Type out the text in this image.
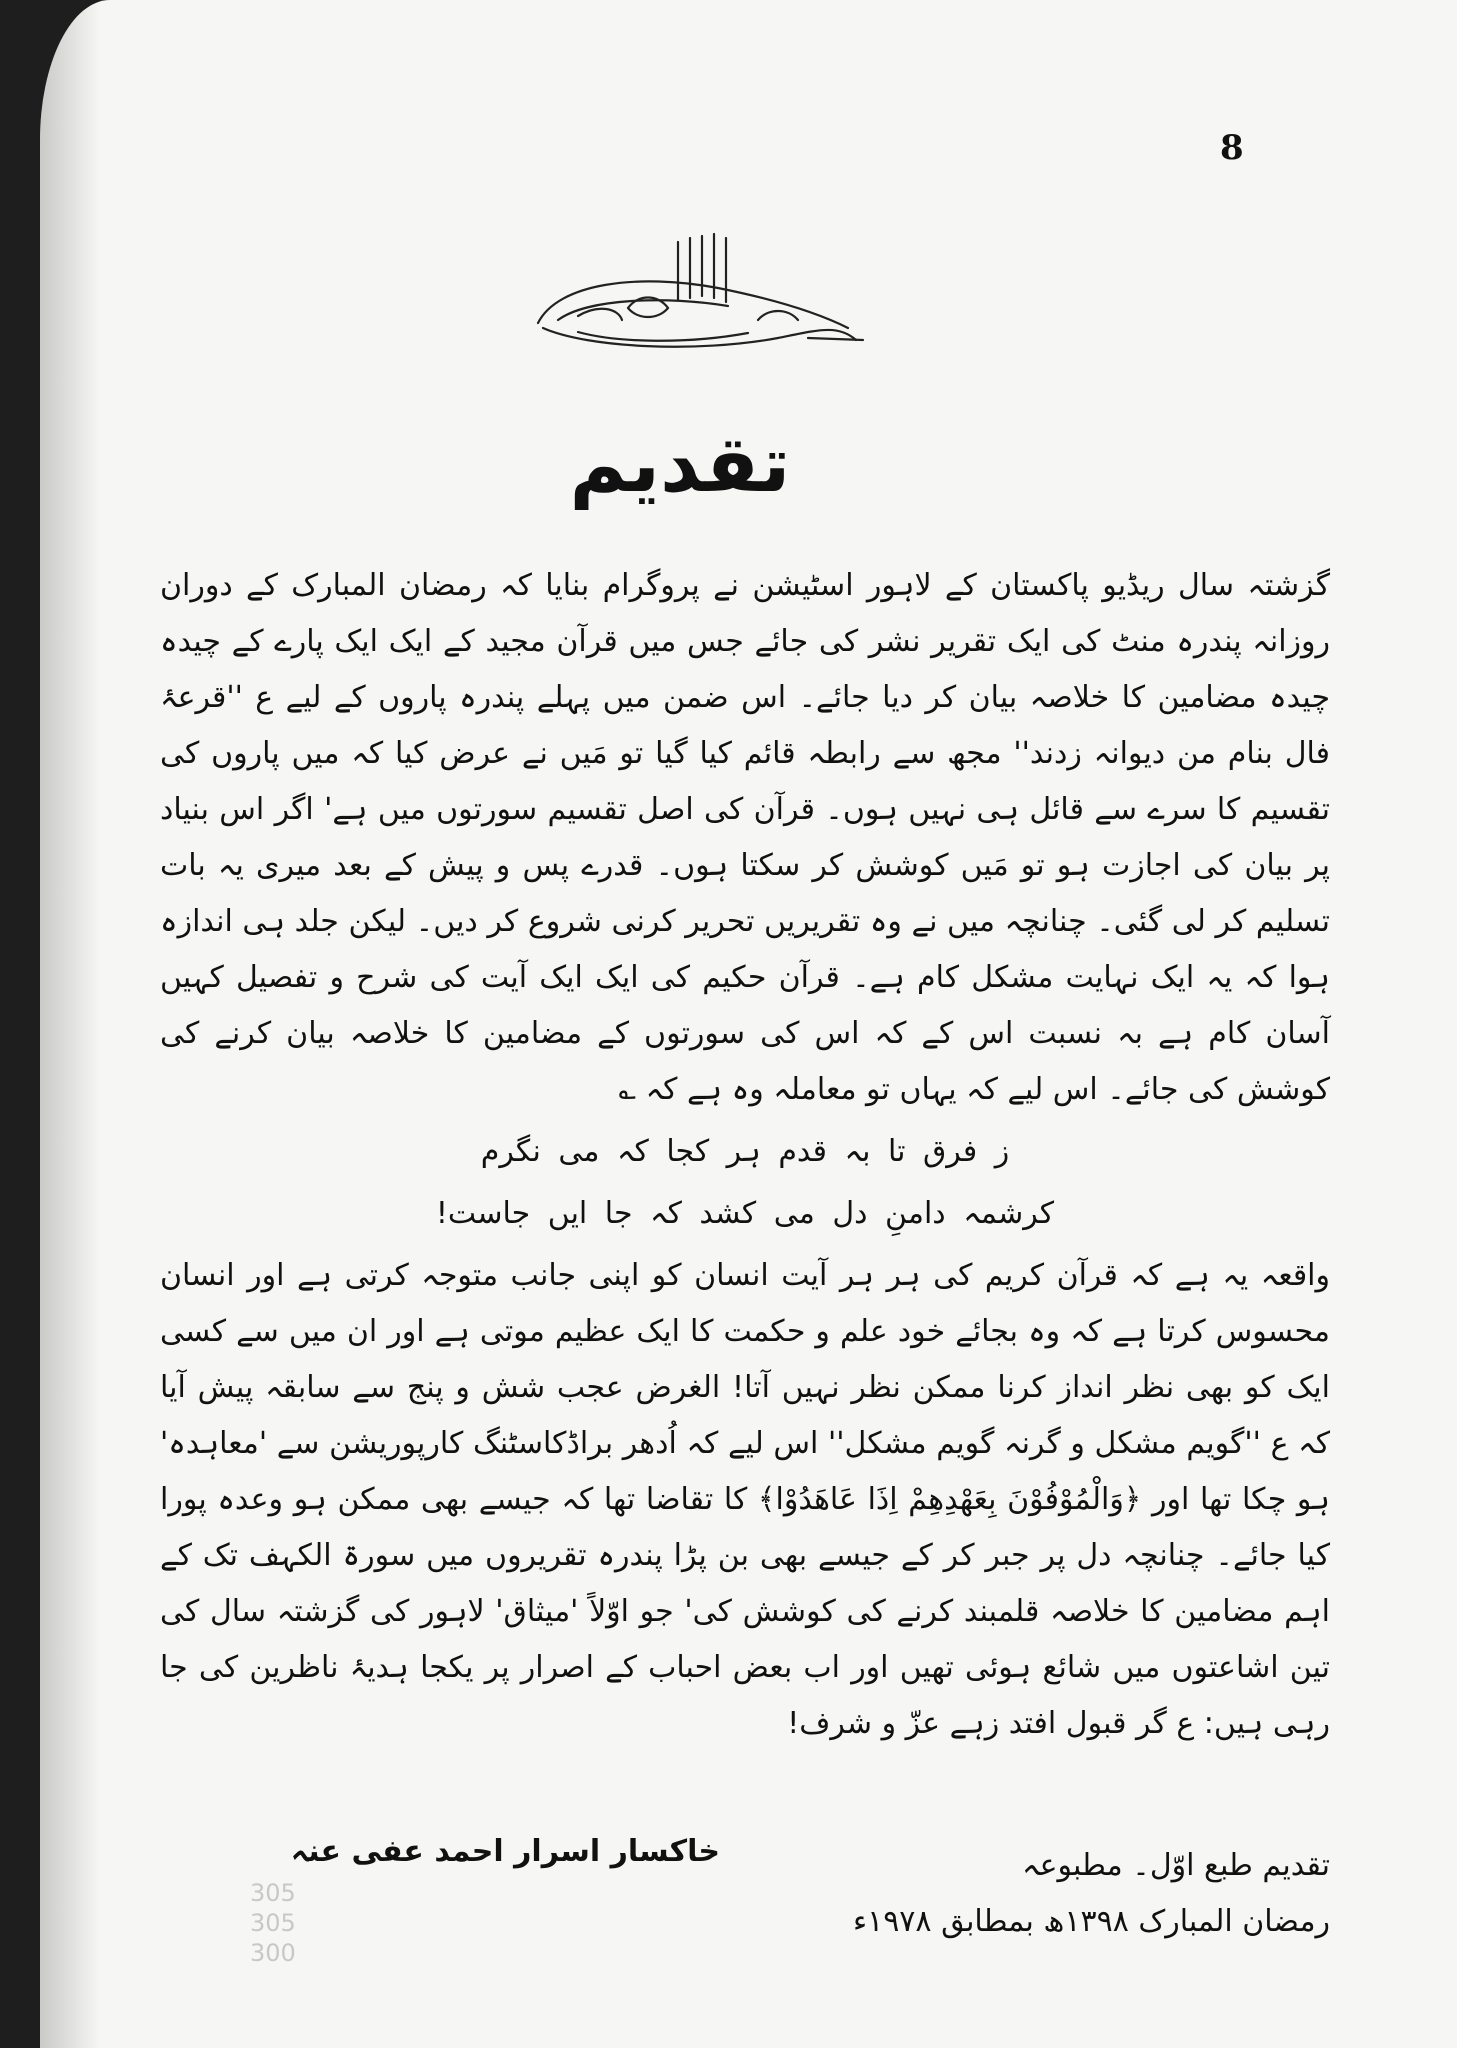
8
تقدیم

گزشتہ سال ریڈیو پاکستان کے لاہور اسٹیشن نے پروگرام بنایا کہ رمضان المبارک کے دوران روزانہ پندرہ منٹ کی ایک تقریر نشر کی جائے جس میں قرآن مجید کے ایک ایک پارے کے چیدہ چیدہ مضامین کا خلاصہ بیان کر دیا جائے۔ اس ضمن میں پہلے پندرہ پاروں کے لیے ع ''قرعۂ فال بنام من دیوانہ زدند'' مجھ سے رابطہ قائم کیا گیا تو مَیں نے عرض کیا کہ میں پاروں کی تقسیم کا سرے سے قائل ہی نہیں ہوں۔ قرآن کی اصل تقسیم سورتوں میں ہے' اگر اس بنیاد پر بیان کی اجازت ہو تو مَیں کوشش کر سکتا ہوں۔ قدرے پس و پیش کے بعد میری یہ بات تسلیم کر لی گئی۔ چنانچہ میں نے وہ تقریریں تحریر کرنی شروع کر دیں۔ لیکن جلد ہی اندازہ ہوا کہ یہ ایک نہایت مشکل کام ہے۔ قرآن حکیم کی ایک ایک آیت کی شرح و تفصیل کہیں آسان کام ہے بہ نسبت اس کے کہ اس کی سورتوں کے مضامین کا خلاصہ بیان کرنے کی کوشش کی جائے۔ اس لیے کہ یہاں تو معاملہ وہ ہے کہ ؎

ز فرق تا بہ قدم ہر کجا کہ می نگرم
کرشمہ دامنِ دل می کشد کہ جا ایں جاست!

واقعہ یہ ہے کہ قرآن کریم کی ہر ہر آیت انسان کو اپنی جانب متوجہ کرتی ہے اور انسان محسوس کرتا ہے کہ وہ بجائے خود علم و حکمت کا ایک عظیم موتی ہے اور ان میں سے کسی ایک کو بھی نظر انداز کرنا ممکن نظر نہیں آتا! الغرض عجب شش و پنج سے سابقہ پیش آیا کہ ع ''گویم مشکل و گرنہ گویم مشکل'' اس لیے کہ اُدھر براڈکاسٹنگ کارپوریشن سے 'معاہدہ' ہو چکا تھا اور ﴿وَالْمُوْفُوْنَ بِعَهْدِهِمْ اِذَا عَاهَدُوْا﴾ کا تقاضا تھا کہ جیسے بھی ممکن ہو وعدہ پورا کیا جائے۔ چنانچہ دل پر جبر کر کے جیسے بھی بن پڑا پندرہ تقریروں میں سورۃ الکہف تک کے اہم مضامین کا خلاصہ قلمبند کرنے کی کوشش کی' جو اوّلاً 'میثاق' لاہور کی گزشتہ سال کی تین اشاعتوں میں شائع ہوئی تھیں اور اب بعض احباب کے اصرار پر یکجا ہدیۂ ناظرین کی جا رہی ہیں: ع گر قبول افتد زہے عزّ و شرف!

305
305
300
خاکسار اسرار احمد عفی عنہ	تقدیم طبع اوّل۔ مطبوعہ
رمضان المبارک ۱۳۹۸ھ بمطابق ۱۹۷۸ء
